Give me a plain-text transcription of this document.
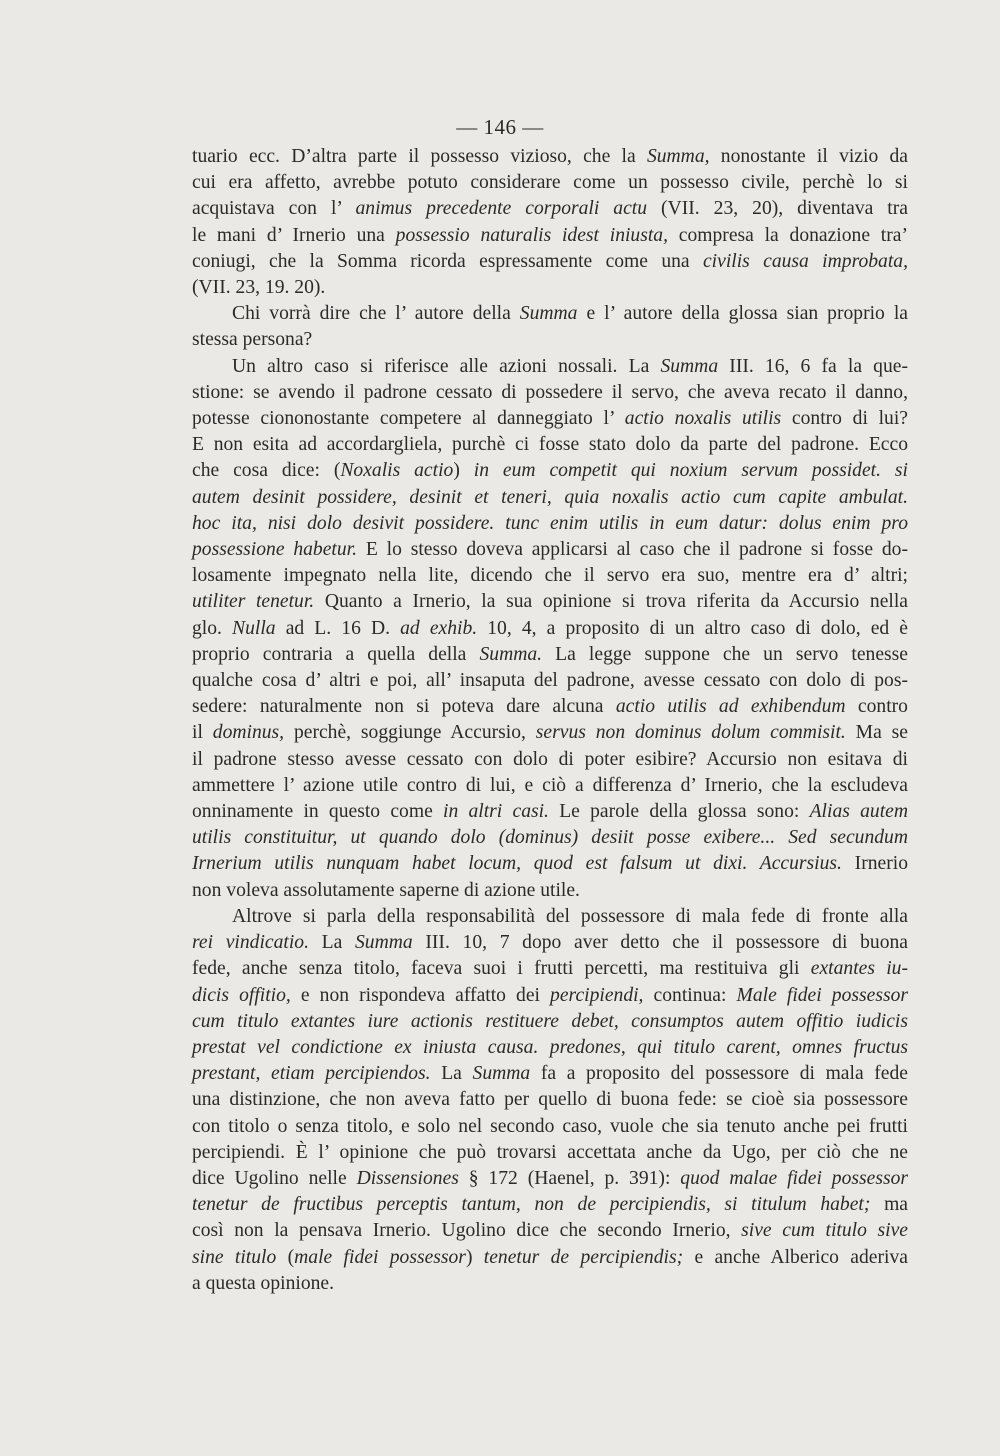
— 146 —

tuario ecc. D’altra parte il possesso vizioso, che la Summa, nonostante il vizio da

cui era affetto, avrebbe potuto considerare come un possesso civile, perchè lo si

acquistava con l’ animus precedente corporali actu (VII. 23, 20), diventava tra

le mani d’ Irnerio una possessio naturalis idest iniusta, compresa la donazione tra’

coniugi, che la Somma ricorda espressamente come una civilis causa improbata,

(VII. 23, 19. 20).

Chi vorrà dire che l’ autore della Summa e l’ autore della glossa sian proprio la

stessa persona?

Un altro caso si riferisce alle azioni nossali. La Summa III. 16, 6 fa la que-

stione: se avendo il padrone cessato di possedere il servo, che aveva recato il danno,

potesse ciononostante competere al danneggiato l’ actio noxalis utilis contro di lui?

E non esita ad accordargliela, purchè ci fosse stato dolo da parte del padrone. Ecco

che cosa dice: (Noxalis actio) in eum competit qui noxium servum possidet. si

autem desinit possidere, desinit et teneri, quia noxalis actio cum capite ambulat.

hoc ita, nisi dolo desivit possidere. tunc enim utilis in eum datur: dolus enim pro

possessione habetur. E lo stesso doveva applicarsi al caso che il padrone si fosse do-

losamente impegnato nella lite, dicendo che il servo era suo, mentre era d’ altri;

utiliter tenetur. Quanto a Irnerio, la sua opinione si trova riferita da Accursio nella

glo. Nulla ad L. 16 D. ad exhib. 10, 4, a proposito di un altro caso di dolo, ed è

proprio contraria a quella della Summa. La legge suppone che un servo tenesse

qualche cosa d’ altri e poi, all’ insaputa del padrone, avesse cessato con dolo di pos-

sedere: naturalmente non si poteva dare alcuna actio utilis ad exhibendum contro

il dominus, perchè, soggiunge Accursio, servus non dominus dolum commisit. Ma se

il padrone stesso avesse cessato con dolo di poter esibire? Accursio non esitava di

ammettere l’ azione utile contro di lui, e ciò a differenza d’ Irnerio, che la escludeva

onninamente in questo come in altri casi. Le parole della glossa sono: Alias autem

utilis constituitur, ut quando dolo (dominus) desiit posse exibere... Sed secundum

Irnerium utilis nunquam habet locum, quod est falsum ut dixi. Accursius. Irnerio

non voleva assolutamente saperne di azione utile.

Altrove si parla della responsabilità del possessore di mala fede di fronte alla

rei vindicatio. La Summa III. 10, 7 dopo aver detto che il possessore di buona

fede, anche senza titolo, faceva suoi i frutti percetti, ma restituiva gli extantes iu-

dicis offitio, e non rispondeva affatto dei percipiendi, continua: Male fidei possessor

cum titulo extantes iure actionis restituere debet, consumptos autem offitio iudicis

prestat vel condictione ex iniusta causa. predones, qui titulo carent, omnes fructus

prestant, etiam percipiendos. La Summa fa a proposito del possessore di mala fede

una distinzione, che non aveva fatto per quello di buona fede: se cioè sia possessore

con titolo o senza titolo, e solo nel secondo caso, vuole che sia tenuto anche pei frutti

percipiendi. È l’ opinione che può trovarsi accettata anche da Ugo, per ciò che ne

dice Ugolino nelle Dissensiones § 172 (Haenel, p. 391): quod malae fidei possessor

tenetur de fructibus perceptis tantum, non de percipiendis, si titulum habet; ma

così non la pensava Irnerio. Ugolino dice che secondo Irnerio, sive cum titulo sive

sine titulo (male fidei possessor) tenetur de percipiendis; e anche Alberico aderiva

a questa opinione.
